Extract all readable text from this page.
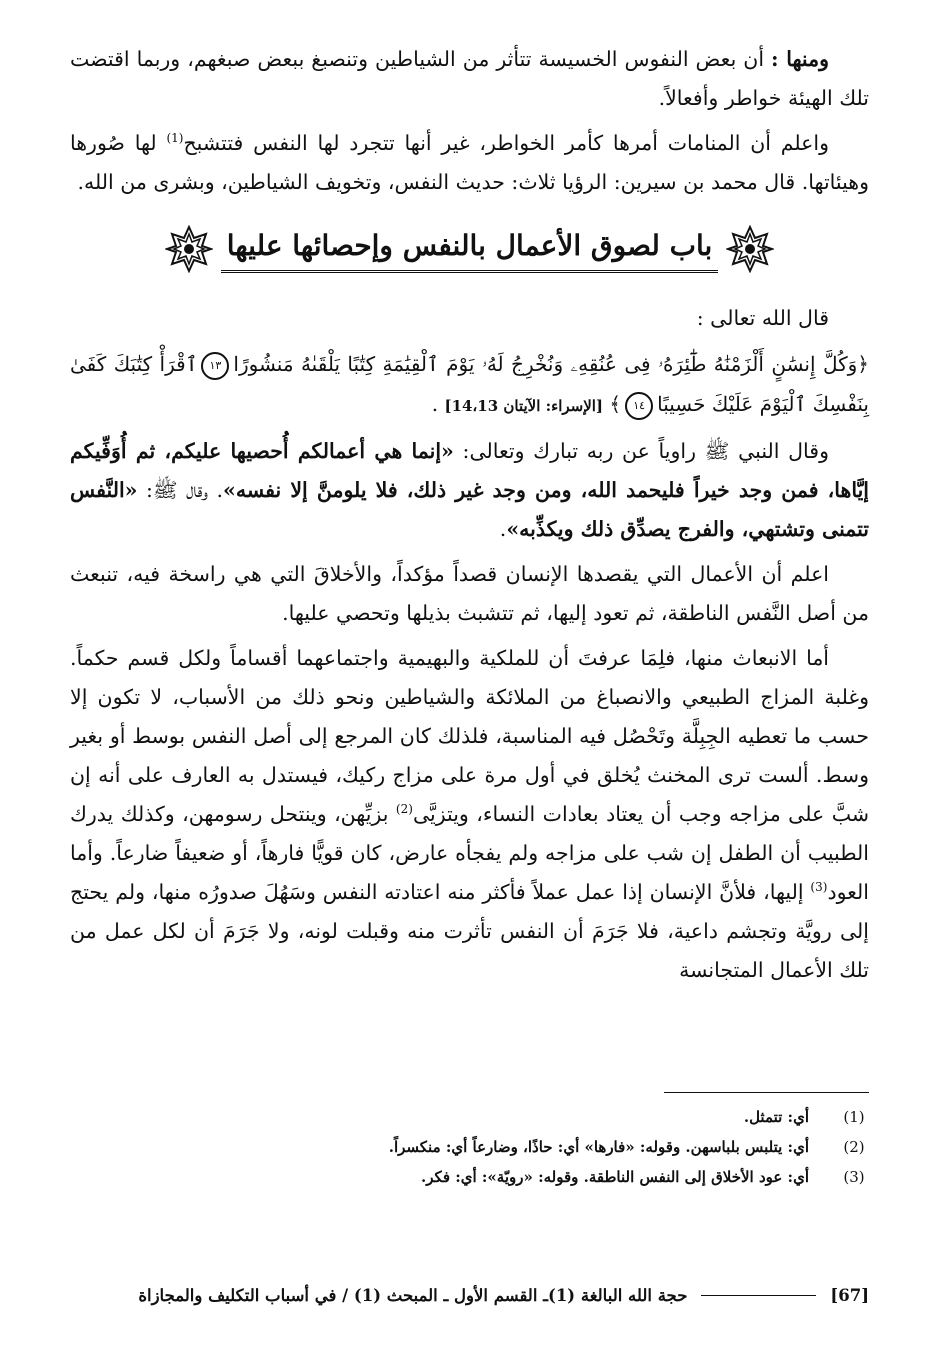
ومنها : أن بعض النفوس الخسيسة تتأثر من الشياطين وتنصبغ ببعض صبغهم، وربما اقتضت تلك الهيئة خواطر وأفعالاً.

واعلم أن المنامات أمرها كأمر الخواطر، غير أنها تتجرد لها النفس فتتشبح$^{(1)}$ لها صُورها وهيئاتها. قال محمد بن سيرين: الرؤيا ثلاث: حديث النفس، وتخويف الشياطين، وبشرى من الله.

باب لصوق الأعمال بالنفس وإحصائها عليها

قال الله تعالى :

﴿وَكُلَّ إِنسَٰنٍ أَلْزَمْنَٰهُ طَٰٓئِرَهُۥ فِى عُنُقِهِۦ وَنُخْرِجُ لَهُۥ يَوْمَ ٱلْقِيَٰمَةِ كِتَٰبًا يَلْقَىٰهُ مَنشُورًا١٣ٱقْرَأْ كِتَٰبَكَ كَفَىٰ بِنَفْسِكَ ٱلْيَوْمَ عَلَيْكَ حَسِيبًا١٤﴾ [الإسراء: الآيتان 14،13] .

وقال النبي ﷺ راوياً عن ربه تبارك وتعالى: «إنما هي أعمالكم أُحصيها عليكم، ثم أُوَفِّيكم إيَّاها، فمن وجد خيراً فليحمد الله، ومن وجد غير ذلك، فلا يلومنَّ إلا نفسه». وقال ﷺ: «النَّفس تتمنى وتشتهي، والفرج يصدِّق ذلك ويكذِّبه».

اعلم أن الأعمال التي يقصدها الإنسان قصداً مؤكداً، والأخلاقَ التي هي راسخة فيه، تنبعث من أصل النَّفس الناطقة، ثم تعود إليها، ثم تتشبث بذيلها وتحصي عليها.

أما الانبعاث منها، فلِمَا عرفتَ أن للملكية والبهيمية واجتماعهما أقساماً ولكل قسم حكماً. وغلبة المزاج الطبيعي والانصباغ من الملائكة والشياطين ونحو ذلك من الأسباب، لا تكون إلا حسب ما تعطيه الجِبِلَّة وتَحْصُل فيه المناسبة، فلذلك كان المرجع إلى أصل النفس بوسط أو بغير وسط. ألست ترى المخنث يُخلق في أول مرة على مزاج ركيك، فيستدل به العارف على أنه إن شبَّ على مزاجه وجب أن يعتاد بعادات النساء، ويتزيَّى$^{(2)}$ بزيِّهن، وينتحل رسومهن، وكذلك يدرك الطبيب أن الطفل إن شب على مزاجه ولم يفجأه عارض، كان قويًّا فارهاً، أو ضعيفاً ضارعاً. وأما العود$^{(3)}$ إليها، فلأنَّ الإنسان إذا عمل عملاً فأكثر منه اعتادته النفس وسَهُلَ صدورُه منها، ولم يحتج إلى رويَّة وتجشم داعية، فلا جَرَمَ أن النفس تأثرت منه وقبلت لونه، ولا جَرَمَ أن لكل عمل من تلك الأعمال المتجانسة

(1)
أي: تتمثل.
(2)
أي: يتلبس بلباسهن. وقوله: «فارها» أي: حاذًا، وضارعاً أي: منكسراً.
(3)
أي: عود الأخلاق إلى النفس الناطقة. وقوله: «رويّة»: أي: فكر.
[67]
حجة الله البالغة (1)ـ القسم الأول ـ المبحث (1) / في أسباب التكليف والمجازاة
